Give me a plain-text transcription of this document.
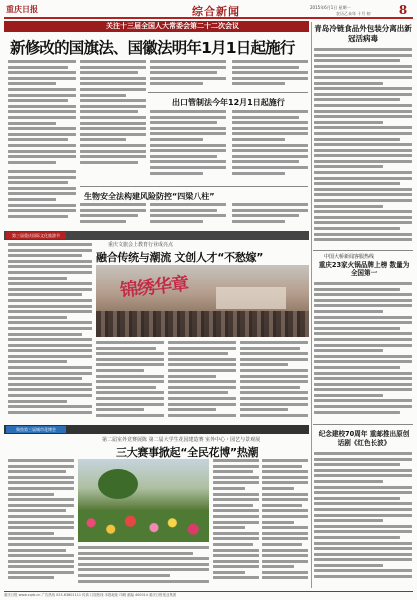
重庆日报	综合新闻	2015年6月1日 星期一
农历乙未年 十月 初	8
关注十三届全国人大常委会第二十二次会议
新修改的国旗法、国徽法明年1月1日起施行
出口管制法今年12月1日起施行
生物安全法构建风险防控“四梁八柱”
青岛冷链食品外包装分离出新冠活病毒
中国大桥新闻客服热线
重庆23家火锅品牌上榜 数量为全国第一
纪念建校70周年 重邮推出原创话剧《红色长波》
第三届重庆国际文化旅游节
重庆文旅会上教育行业成亮点
融合传统与潮流 文创人才“不愁嫁”
锦绣华章
聚焦第三届城市花博会
第二届室外竞赛展陈 第二届大学生花园建造赛 室外中心・园艺与景观展
三大赛事掀起“全民花博”热潮
重庆日报 www.cqrb.cn 广告热线 023-63801111 传真 订阅热线 本报地址 印刷 邮编 400014 重庆日报报业集团
